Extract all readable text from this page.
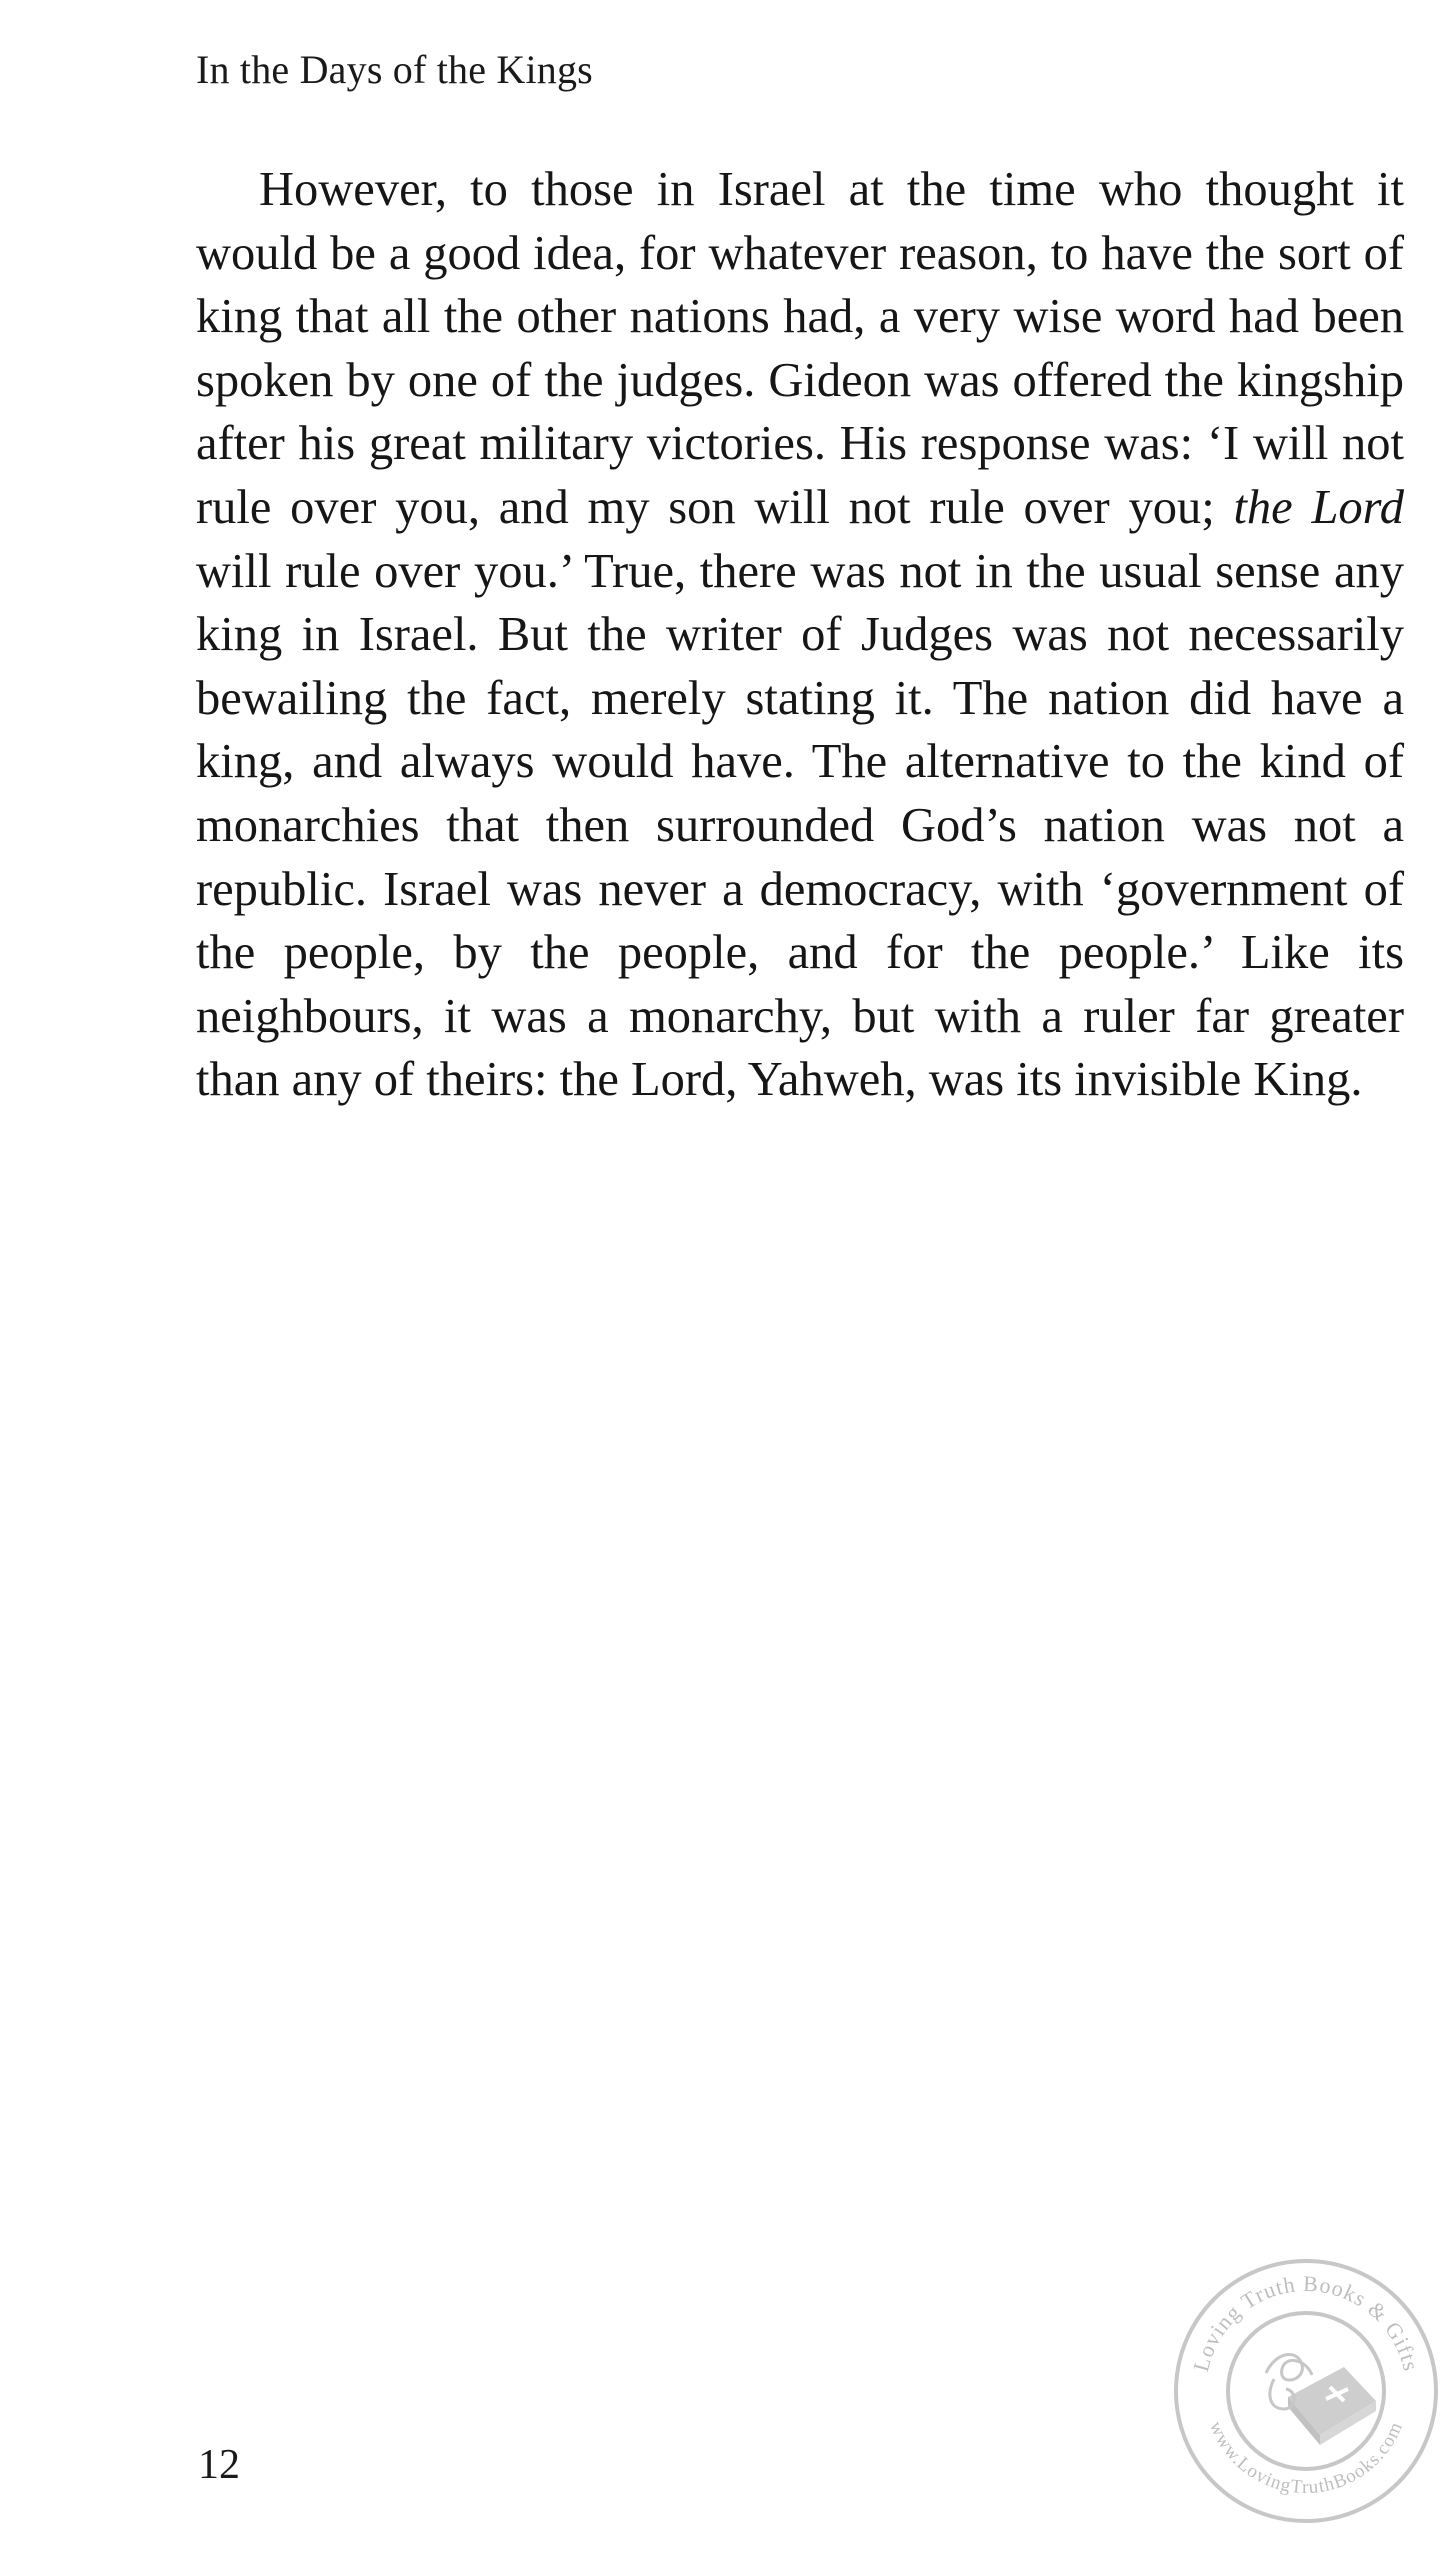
In the Days of the Kings

However, to those in Israel at the time who thought it would be a good idea, for whatever reason, to have the sort of king that all the other nations had, a very wise word had been spoken by one of the judges. Gideon was offered the kingship after his great military victories. His response was: ‘I will not rule over you, and my son will not rule over you; the Lord will rule over you.’ True, there was not in the usual sense any king in Israel. But the writer of Judges was not necessarily bewailing the fact, merely stating it. The nation did have a king, and always would have. The alternative to the kind of monarchies that then surrounded God’s nation was not a republic. Israel was never a democracy, with ‘government of the people, by the people, and for the people.’ Like its neighbours, it was a monarchy, but with a ruler far greater than any of theirs: the Lord, Yahweh, was its invisible King.

12
Loving Truth Books & Gifts
www.LovingTruthBooks.com
